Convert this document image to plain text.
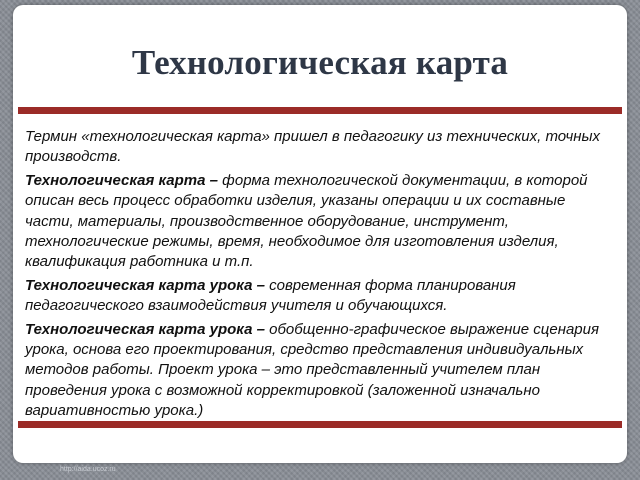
Технологическая карта

Термин «технологическая карта» пришел в педагогику из технических, точных производств.

Технологическая карта – форма технологической документации, в которой описан весь процесс обработки изделия, указаны операции и их составные части, материалы, производственное оборудование, инструмент, технологические режимы, время, необходимое для изготовления изделия, квалификация работника и т.п.

Технологическая карта урока – современная форма планирования педагогического взаимодействия учителя и обучающихся.

Технологическая карта урока – обобщенно-графическое выражение сценария урока, основа его проектирования, средство представления индивидуальных методов работы. Проект урока – это представленный учителем план проведения урока с возможной корректировкой (заложенной изначально вариативностью урока.)

http://aida.ucoz.ru
